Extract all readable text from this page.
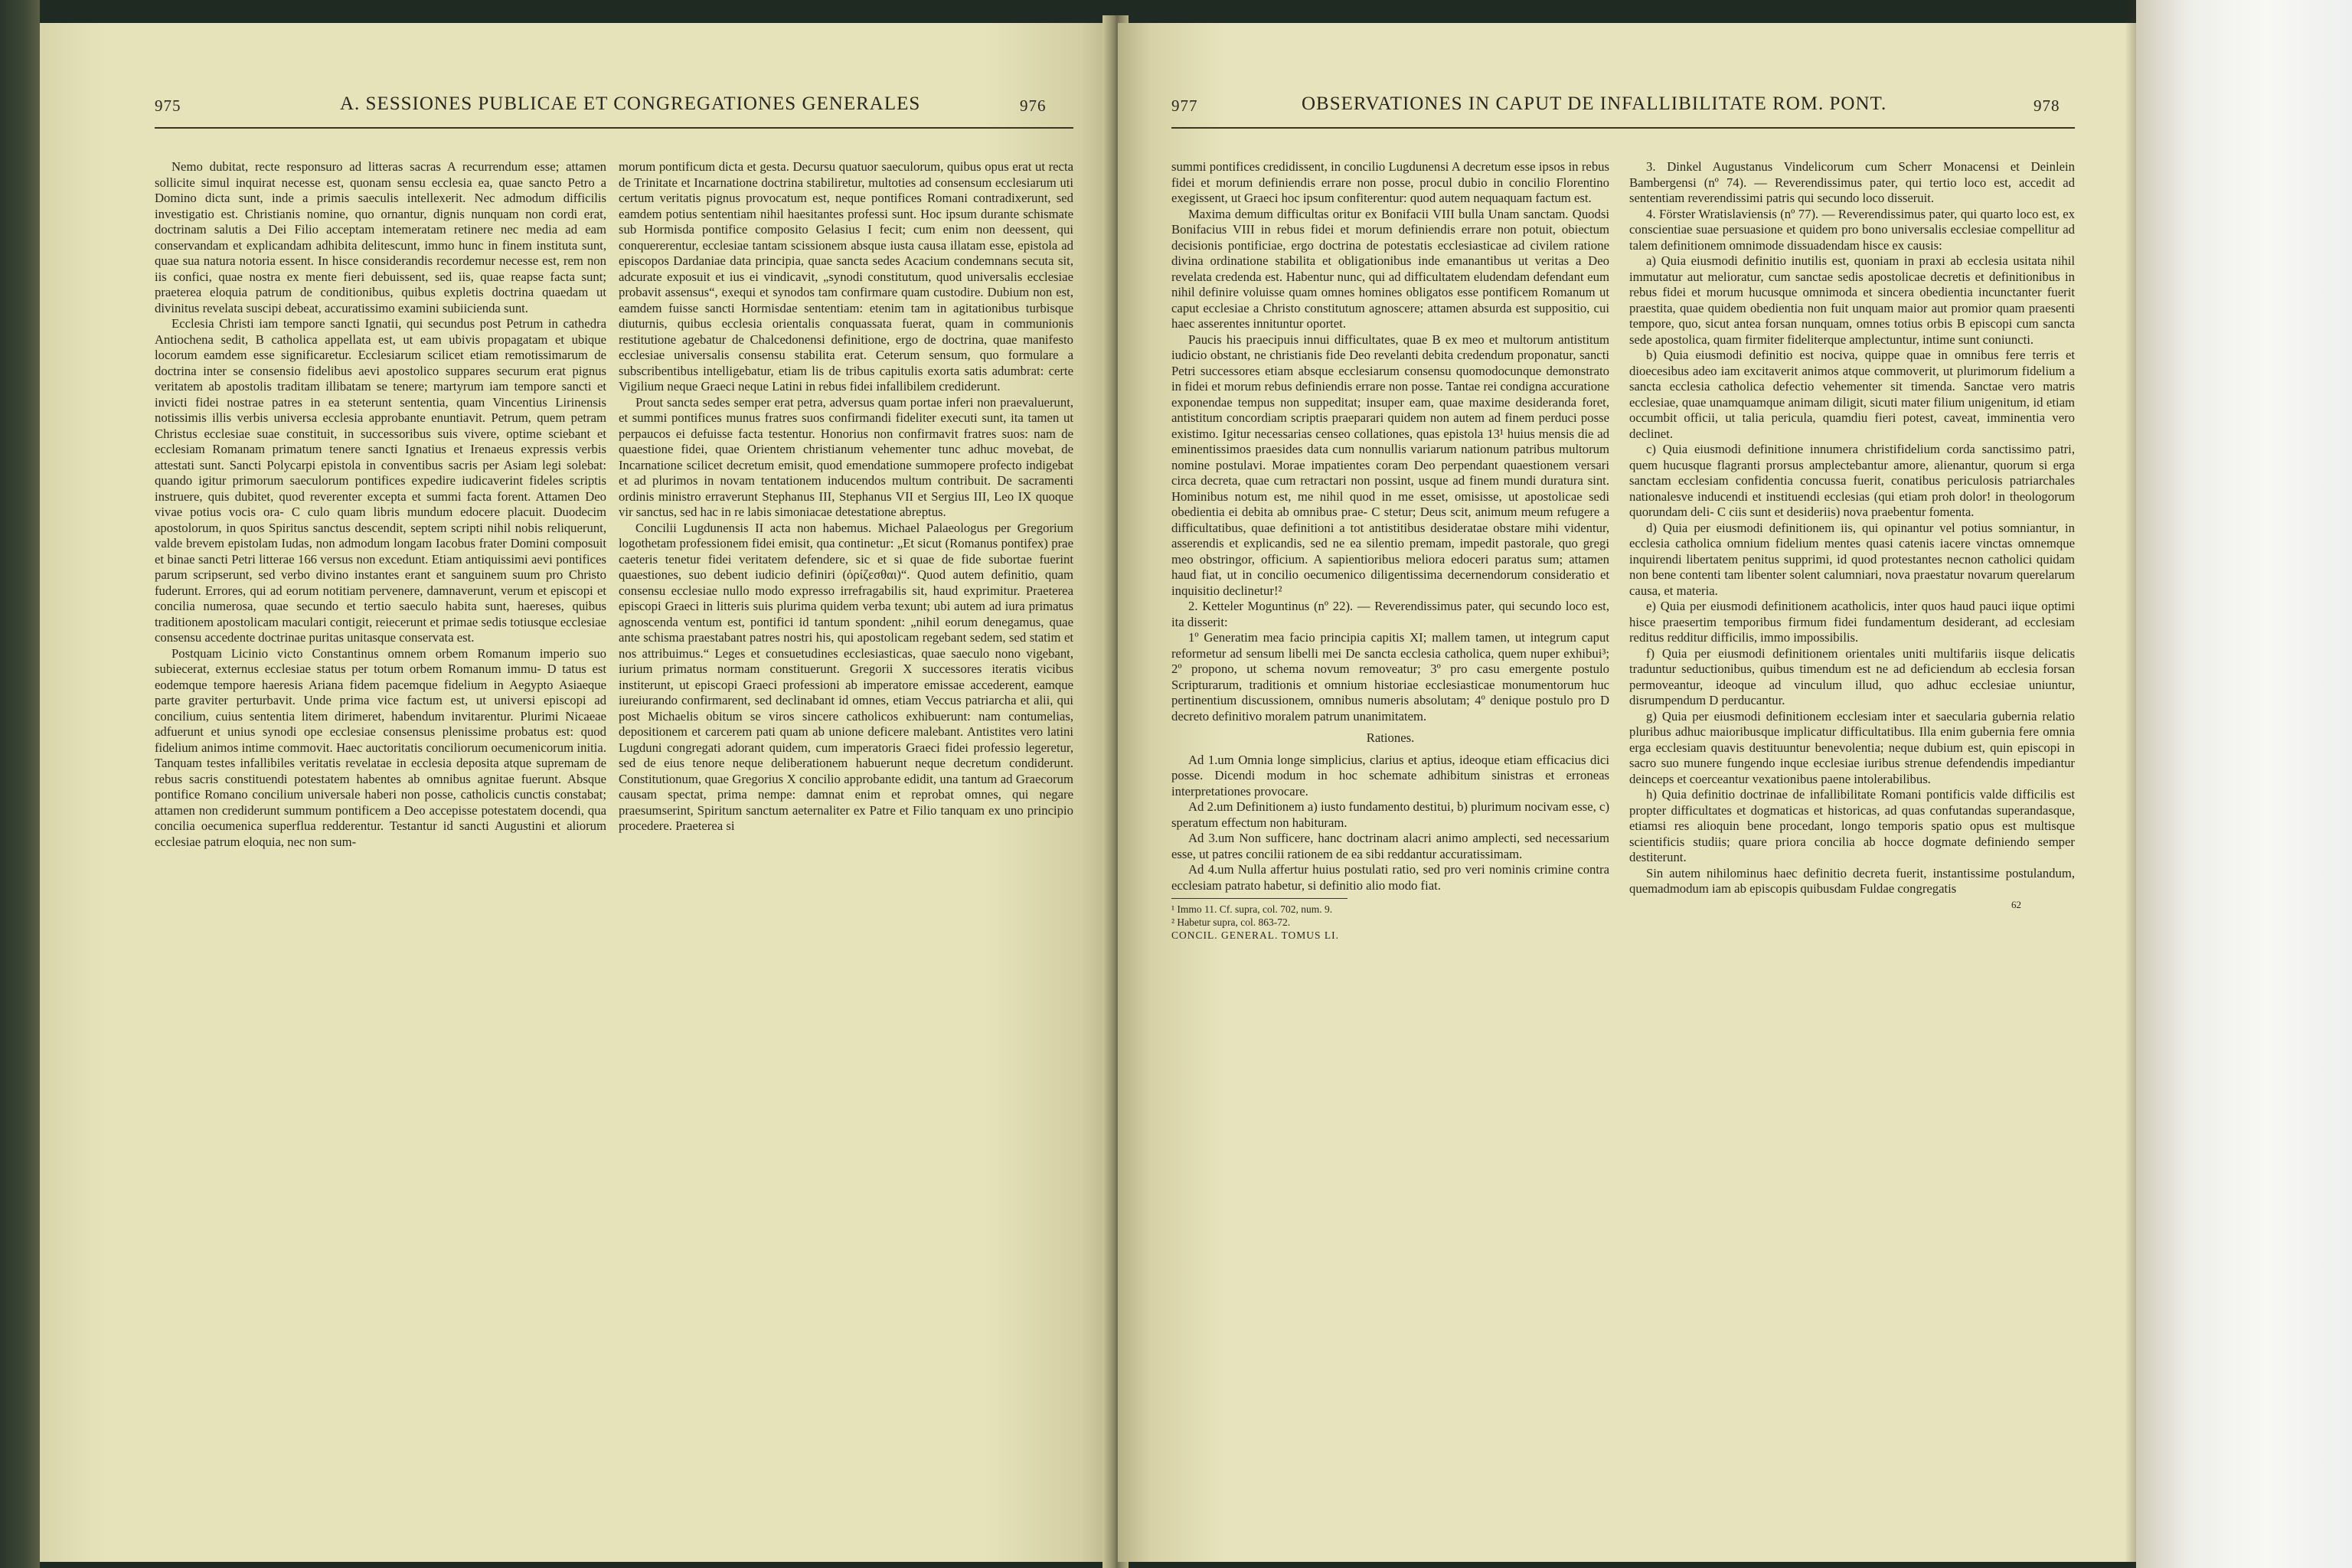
975	A. SESSIONES PUBLICAE ET CONGREGATIONES GENERALES	976

Nemo dubitat, recte responsuro ad litteras sacras A recurrendum esse; attamen sollicite simul inquirat necesse est, quonam sensu ecclesia ea, quae sancto Petro a Domino dicta sunt, inde a primis saeculis intellexerit. Nec admodum difficilis investigatio est. Christianis nomine, quo ornantur, dignis nunquam non cordi erat, doctrinam salutis a Dei Filio acceptam intemeratam retinere nec media ad eam conservandam et explicandam adhibita delitescunt, immo hunc in finem instituta sunt, quae sua natura notoria essent. In hisce considerandis recordemur necesse est, rem non iis confici, quae nostra ex mente fieri debuissent, sed iis, quae reapse facta sunt; praeterea eloquia patrum de conditionibus, quibus expletis doctrina quaedam ut divinitus revelata suscipi debeat, accuratissimo examini subiicienda sunt.

Ecclesia Christi iam tempore sancti Ignatii, qui secundus post Petrum in cathedra Antiochena sedit, B catholica appellata est, ut eam ubivis propagatam et ubique locorum eamdem esse significaretur. Ecclesiarum scilicet etiam remotissimarum de doctrina inter se consensio fidelibus aevi apostolico suppares securum erat pignus veritatem ab apostolis traditam illibatam se tenere; martyrum iam tempore sancti et invicti fidei nostrae patres in ea steterunt sententia, quam Vincentius Lirinensis notissimis illis verbis universa ecclesia approbante enuntiavit. Petrum, quem petram Christus ecclesiae suae constituit, in successoribus suis vivere, optime sciebant et ecclesiam Romanam primatum tenere sancti Ignatius et Irenaeus expressis verbis attestati sunt. Sancti Polycarpi epistola in conventibus sacris per Asiam legi solebat: quando igitur primorum saeculorum pontifices expedire iudicaverint fideles scriptis instruere, quis dubitet, quod reverenter excepta et summi facta forent. Attamen Deo vivae potius vocis ora- C culo quam libris mundum edocere placuit. Duodecim apostolorum, in quos Spiritus sanctus descendit, septem scripti nihil nobis reliquerunt, valde brevem epistolam Iudas, non admodum longam Iacobus frater Domini composuit et binae sancti Petri litterae 166 versus non excedunt. Etiam antiquissimi aevi pontifices parum scripserunt, sed verbo divino instantes erant et sanguinem suum pro Christo fuderunt. Errores, qui ad eorum notitiam pervenere, damnaverunt, verum et episcopi et concilia numerosa, quae secundo et tertio saeculo habita sunt, haereses, quibus traditionem apostolicam maculari contigit, reiecerunt et primae sedis totiusque ecclesiae consensu accedente doctrinae puritas unitasque conservata est.

Postquam Licinio victo Constantinus omnem orbem Romanum imperio suo subiecerat, externus ecclesiae status per totum orbem Romanum immu- D tatus est eodemque tempore haeresis Ariana fidem pacemque fidelium in Aegypto Asiaeque parte graviter perturbavit. Unde prima vice factum est, ut universi episcopi ad concilium, cuius sententia litem dirimeret, habendum invitarentur. Plurimi Nicaeae adfuerunt et unius synodi ope ecclesiae consensus plenissime probatus est: quod fidelium animos intime commovit. Haec auctoritatis conciliorum oecumenicorum initia. Tanquam testes infallibiles veritatis revelatae in ecclesia deposita atque supremam de rebus sacris constituendi potestatem habentes ab omnibus agnitae fuerunt. Absque pontifice Romano concilium universale haberi non posse, catholicis cunctis constabat; attamen non crediderunt summum pontificem a Deo accepisse potestatem docendi, qua concilia oecumenica superflua redderentur. Testantur id sancti Augustini et aliorum ecclesiae patrum eloquia, nec non sum-

morum pontificum dicta et gesta. Decursu quatuor saeculorum, quibus opus erat ut recta de Trinitate et Incarnatione doctrina stabiliretur, multoties ad consensum ecclesiarum uti certum veritatis pignus provocatum est, neque pontifices Romani contradixerunt, sed eamdem potius sententiam nihil haesitantes professi sunt. Hoc ipsum durante schismate sub Hormisda pontifice composito Gelasius I fecit; cum enim non deessent, qui conquererentur, ecclesiae tantam scissionem absque iusta causa illatam esse, epistola ad episcopos Dardaniae data principia, quae sancta sedes Acacium condemnans secuta sit, adcurate exposuit et ius ei vindicavit, „synodi constitutum, quod universalis ecclesiae probavit assensus“, exequi et synodos tam confirmare quam custodire. Dubium non est, eamdem fuisse sancti Hormisdae sententiam: etenim tam in agitationibus turbisque diuturnis, quibus ecclesia orientalis conquassata fuerat, quam in communionis restitutione agebatur de Chalcedonensi definitione, ergo de doctrina, quae manifesto ecclesiae universalis consensu stabilita erat. Ceterum sensum, quo formulare a subscribentibus intelligebatur, etiam lis de tribus capitulis exorta satis adumbrat: certe Vigilium neque Graeci neque Latini in rebus fidei infallibilem crediderunt.

Prout sancta sedes semper erat petra, adversus quam portae inferi non praevaluerunt, et summi pontifices munus fratres suos confirmandi fideliter executi sunt, ita tamen ut perpaucos ei defuisse facta testentur. Honorius non confirmavit fratres suos: nam de quaestione fidei, quae Orientem christianum vehementer tunc adhuc movebat, de Incarnatione scilicet decretum emisit, quod emendatione summopere profecto indigebat et ad plurimos in novam tentationem inducendos multum contribuit. De sacramenti ordinis ministro erraverunt Stephanus III, Stephanus VII et Sergius III, Leo IX quoque vir sanctus, sed hac in re labis simoniacae detestatione abreptus.

Concilii Lugdunensis II acta non habemus. Michael Palaeologus per Gregorium logothetam professionem fidei emisit, qua continetur: „Et sicut (Romanus pontifex) prae caeteris tenetur fidei veritatem defendere, sic et si quae de fide subortae fuerint quaestiones, suo debent iudicio definiri (ὁρίζεσθαι)“. Quod autem definitio, quam consensu ecclesiae nullo modo expresso irrefragabilis sit, haud exprimitur. Praeterea episcopi Graeci in litteris suis plurima quidem verba texunt; ubi autem ad iura primatus agnoscenda ventum est, pontifici id tantum spondent: „nihil eorum denegamus, quae ante schisma praestabant patres nostri his, qui apostolicam regebant sedem, sed statim et nos attribuimus.“ Leges et consuetudines ecclesiasticas, quae saeculo nono vigebant, iurium primatus normam constituerunt. Gregorii X successores iteratis vicibus institerunt, ut episcopi Graeci professioni ab imperatore emissae accederent, eamque iureiurando confirmarent, sed declinabant id omnes, etiam Veccus patriarcha et alii, qui post Michaelis obitum se viros sincere catholicos exhibuerunt: nam contumelias, depositionem et carcerem pati quam ab unione deficere malebant. Antistites vero latini Lugduni congregati adorant quidem, cum imperatoris Graeci fidei professio legeretur, sed de eius tenore neque deliberationem habuerunt neque decretum condiderunt. Constitutionum, quae Gregorius X concilio approbante edidit, una tantum ad Graecorum causam spectat, prima nempe: damnat enim et reprobat omnes, qui negare praesumserint, Spiritum sanctum aeternaliter ex Patre et Filio tanquam ex uno principio procedere. Praeterea si

977	OBSERVATIONES IN CAPUT DE INFALLIBILITATE ROM. PONT.	978

summi pontifices credidissent, in concilio Lugdunensi A decretum esse ipsos in rebus fidei et morum definiendis errare non posse, procul dubio in concilio Florentino exegissent, ut Graeci hoc ipsum confiterentur: quod autem nequaquam factum est.

Maxima demum difficultas oritur ex Bonifacii VIII bulla Unam sanctam. Quodsi Bonifacius VIII in rebus fidei et morum definiendis errare non potuit, obiectum decisionis pontificiae, ergo doctrina de potestatis ecclesiasticae ad civilem ratione divina ordinatione stabilita et obligationibus inde emanantibus ut veritas a Deo revelata credenda est. Habentur nunc, qui ad difficultatem eludendam defendant eum nihil definire voluisse quam omnes homines obligatos esse pontificem Romanum ut caput ecclesiae a Christo constitutum agnoscere; attamen absurda est suppositio, cui haec asserentes innituntur oportet.

Paucis his praecipuis innui difficultates, quae B ex meo et multorum antistitum iudicio obstant, ne christianis fide Deo revelanti debita credendum proponatur, sancti Petri successores etiam absque ecclesiarum consensu quomodocunque demonstrato in fidei et morum rebus definiendis errare non posse. Tantae rei condigna accuratione exponendae tempus non suppeditat; insuper eam, quae maxime desideranda foret, antistitum concordiam scriptis praeparari quidem non autem ad finem perduci posse existimo. Igitur necessarias censeo collationes, quas epistola 13¹ huius mensis die ad eminentissimos praesides data cum nonnullis variarum nationum patribus multorum nomine postulavi. Morae impatientes coram Deo perpendant quaestionem versari circa decreta, quae cum retractari non possint, usque ad finem mundi duratura sint. Hominibus notum est, me nihil quod in me esset, omisisse, ut apostolicae sedi obedientia ei debita ab omnibus prae- C stetur; Deus scit, animum meum refugere a difficultatibus, quae definitioni a tot antistitibus desideratae obstare mihi videntur, asserendis et explicandis, sed ne ea silentio premam, impedit pastorale, quo gregi meo obstringor, officium. A sapientioribus meliora edoceri paratus sum; attamen haud fiat, ut in concilio oecumenico diligentissima decernendorum consideratio et inquisitio declinetur!²

2. Ketteler Moguntinus (nº 22). — Reverendissimus pater, qui secundo loco est, ita disserit:

1º Generatim mea facio principia capitis XI; mallem tamen, ut integrum caput reformetur ad sensum libelli mei De sancta ecclesia catholica, quem nuper exhibui³; 2º propono, ut schema novum removeatur; 3º pro casu emergente postulo Scripturarum, traditionis et omnium historiae ecclesiasticae monumentorum huc pertinentium discussionem, omnibus numeris absolutam; 4º denique postulo pro D decreto definitivo moralem patrum unanimitatem.

Rationes.

Ad 1.um Omnia longe simplicius, clarius et aptius, ideoque etiam efficacius dici posse. Dicendi modum in hoc schemate adhibitum sinistras et erroneas interpretationes provocare.

Ad 2.um Definitionem a) iusto fundamento destitui, b) plurimum nocivam esse, c) speratum effectum non habituram.

Ad 3.um Non sufficere, hanc doctrinam alacri animo amplecti, sed necessarium esse, ut patres concilii rationem de ea sibi reddantur accuratissimam.

Ad 4.um Nulla affertur huius postulati ratio, sed pro veri nominis crimine contra ecclesiam patrato habetur, si definitio alio modo fiat.

¹ Immo 11. Cf. supra, col. 702, num. 9.

² Habetur supra, col. 863-72.

CONCIL. GENERAL. TOMUS LI.

3. Dinkel Augustanus Vindelicorum cum Scherr Monacensi et Deinlein Bambergensi (nº 74). — Reverendissimus pater, qui tertio loco est, accedit ad sententiam reverendissimi patris qui secundo loco disseruit.

4. Förster Wratislaviensis (nº 77). — Reverendissimus pater, qui quarto loco est, ex conscientiae suae persuasione et quidem pro bono universalis ecclesiae compellitur ad talem definitionem omnimode dissuadendam hisce ex causis:

a) Quia eiusmodi definitio inutilis est, quoniam in praxi ab ecclesia usitata nihil immutatur aut melioratur, cum sanctae sedis apostolicae decretis et definitionibus in rebus fidei et morum hucusque omnimoda et sincera obedientia incunctanter fuerit praestita, quae quidem obedientia non fuit unquam maior aut promior quam praesenti tempore, quo, sicut antea forsan nunquam, omnes totius orbis B episcopi cum sancta sede apostolica, quam firmiter fideliterque amplectuntur, intime sunt coniuncti.

b) Quia eiusmodi definitio est nociva, quippe quae in omnibus fere terris et dioecesibus adeo iam excitaverit animos atque commoverit, ut plurimorum fidelium a sancta ecclesia catholica defectio vehementer sit timenda. Sanctae vero matris ecclesiae, quae unamquamque animam diligit, sicuti mater filium unigenitum, id etiam occumbit officii, ut talia pericula, quamdiu fieri potest, caveat, imminentia vero declinet.

c) Quia eiusmodi definitione innumera christifidelium corda sanctissimo patri, quem hucusque flagranti prorsus amplectebantur amore, alienantur, quorum si erga sanctam ecclesiam confidentia concussa fuerit, conatibus periculosis patriarchales nationalesve inducendi et instituendi ecclesias (qui etiam proh dolor! in theologorum quorundam deli- C ciis sunt et desideriis) nova praebentur fomenta.

d) Quia per eiusmodi definitionem iis, qui opinantur vel potius somniantur, in ecclesia catholica omnium fidelium mentes quasi catenis iacere vinctas omnemque inquirendi libertatem penitus supprimi, id quod protestantes necnon catholici quidam non bene contenti tam libenter solent calumniari, nova praestatur novarum querelarum causa, et materia.

e) Quia per eiusmodi definitionem acatholicis, inter quos haud pauci iique optimi hisce praesertim temporibus firmum fidei fundamentum desiderant, ad ecclesiam reditus redditur difficilis, immo impossibilis.

f) Quia per eiusmodi definitionem orientales uniti multifariis iisque delicatis traduntur seductionibus, quibus timendum est ne ad deficiendum ab ecclesia forsan permoveantur, ideoque ad vinculum illud, quo adhuc ecclesiae uniuntur, disrumpendum D perducantur.

g) Quia per eiusmodi definitionem ecclesiam inter et saecularia gubernia relatio pluribus adhuc maioribusque implicatur difficultatibus. Illa enim gubernia fere omnia erga ecclesiam quavis destituuntur benevolentia; neque dubium est, quin episcopi in sacro suo munere fungendo inque ecclesiae iuribus strenue defendendis impediantur deinceps et coerceantur vexationibus paene intolerabilibus.

h) Quia definitio doctrinae de infallibilitate Romani pontificis valde difficilis est propter difficultates et dogmaticas et historicas, ad quas confutandas superandasque, etiamsi res alioquin bene procedant, longo temporis spatio opus est multisque scientificis studiis; quare priora concilia ab hocce dogmate definiendo semper destiterunt.

Sin autem nihilominus haec definitio decreta fuerit, instantissime postulandum, quemadmodum iam ab episcopis quibusdam Fuldae congregatis

62
